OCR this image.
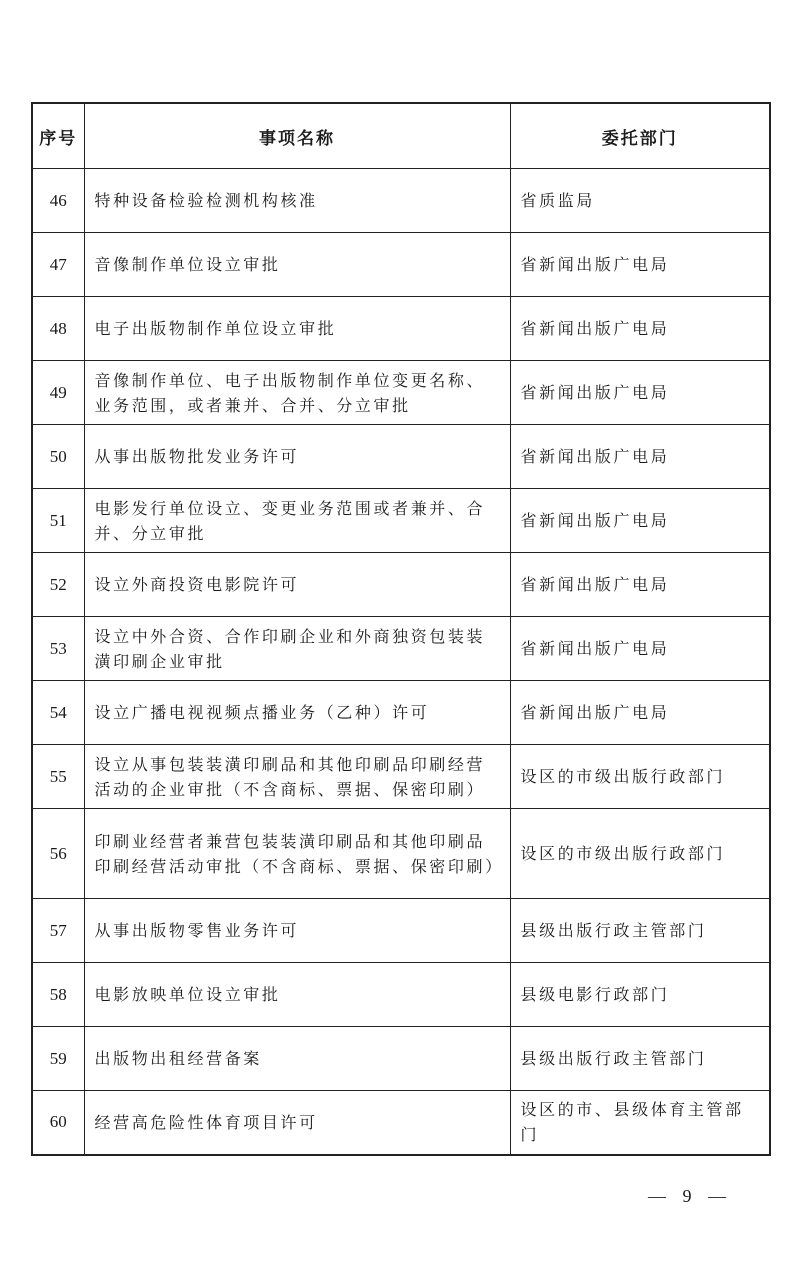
序号	事项名称	委托部门
46	特种设备检验检测机构核准	省质监局
47	音像制作单位设立审批	省新闻出版广电局
48	电子出版物制作单位设立审批	省新闻出版广电局
49	音像制作单位、电子出版物制作单位变更名称、业务范围，或者兼并、合并、分立审批	省新闻出版广电局
50	从事出版物批发业务许可	省新闻出版广电局
51	电影发行单位设立、变更业务范围或者兼并、合并、分立审批	省新闻出版广电局
52	设立外商投资电影院许可	省新闻出版广电局
53	设立中外合资、合作印刷企业和外商独资包装装潢印刷企业审批	省新闻出版广电局
54	设立广播电视视频点播业务（乙种）许可	省新闻出版广电局
55	设立从事包装装潢印刷品和其他印刷品印刷经营活动的企业审批（不含商标、票据、保密印刷）	设区的市级出版行政部门
56	印刷业经营者兼营包装装潢印刷品和其他印刷品印刷经营活动审批（不含商标、票据、保密印刷）	设区的市级出版行政部门
57	从事出版物零售业务许可	县级出版行政主管部门
58	电影放映单位设立审批	县级电影行政部门
59	出版物出租经营备案	县级出版行政主管部门
60	经营高危险性体育项目许可	设区的市、县级体育主管部门
— 9 —
